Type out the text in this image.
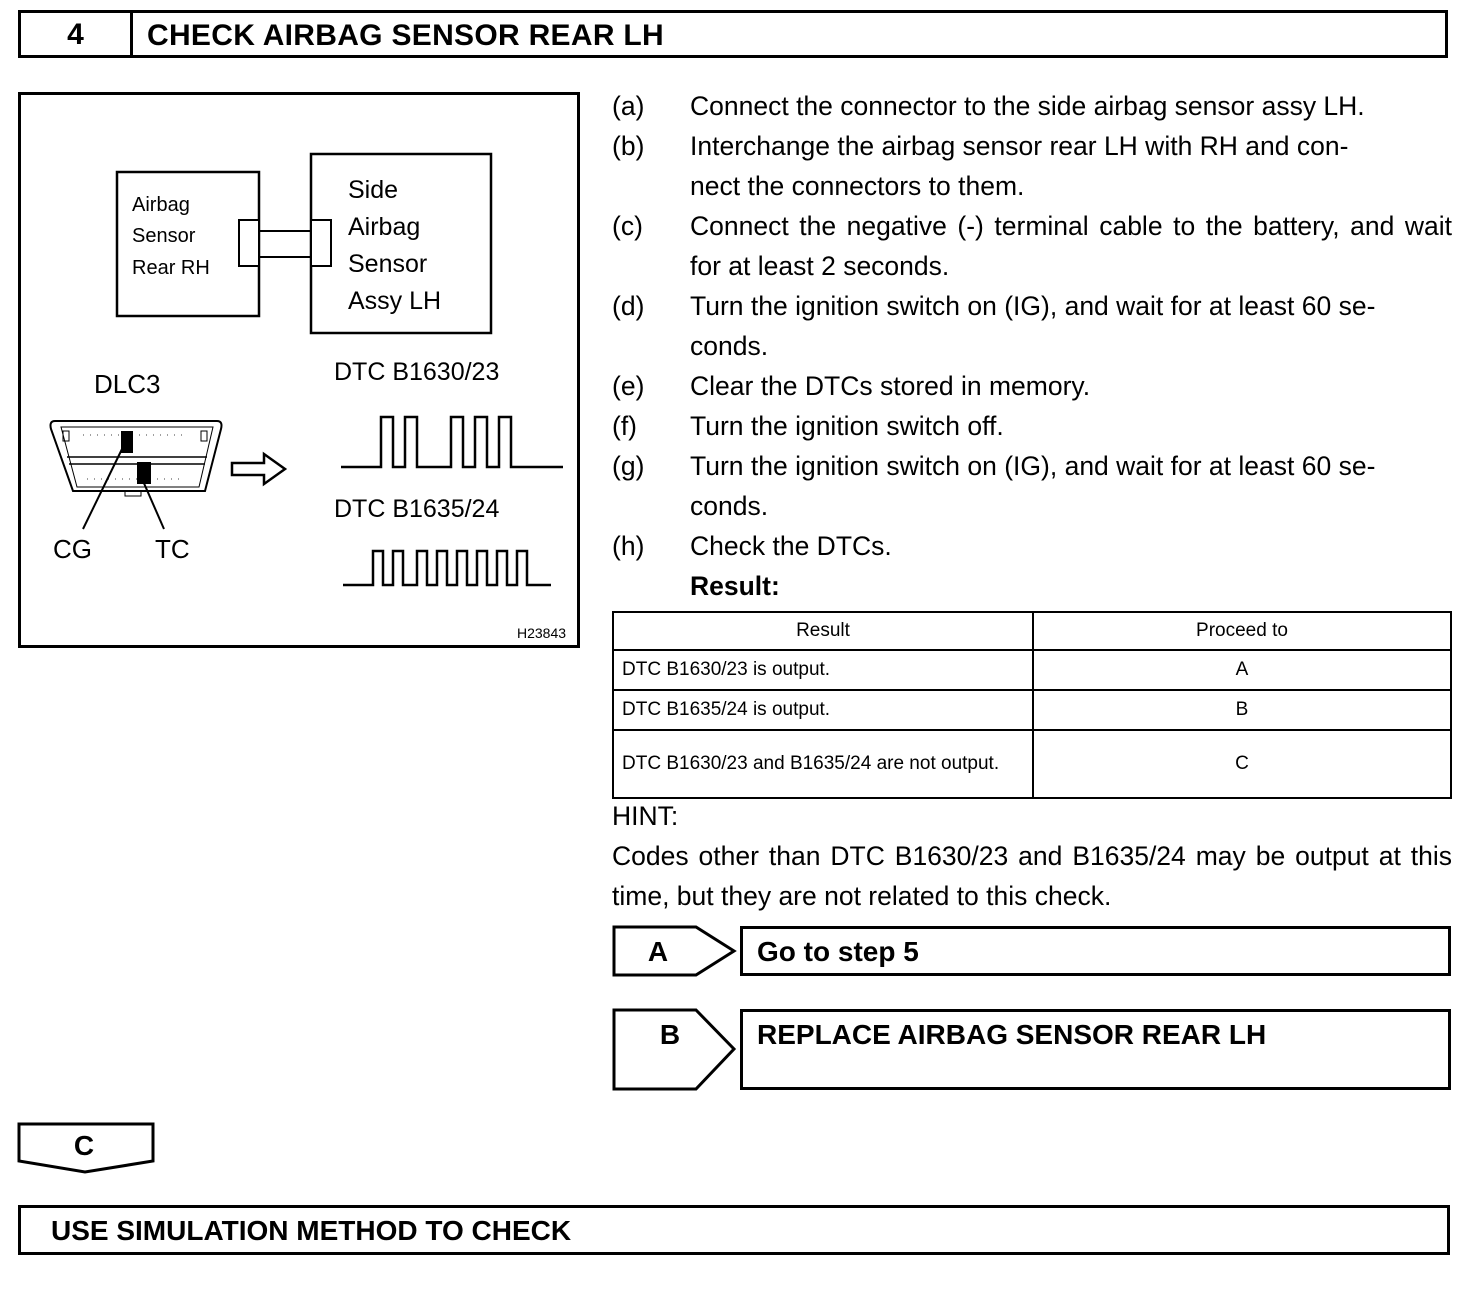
4	CHECK AIRBAG SENSOR REAR LH
Airbag
Sensor
Rear RH
Side
Airbag
Sensor
Assy LH
DLC3
CG TC
DTC B1630/23
DTC B1635/24
H23843
(a)	Connect the connector to the side airbag sensor assy LH.
(b)	Interchange the airbag sensor rear LH with RH and con-
nect the connectors to them.
(c)	Connect the negative (-) terminal cable to the battery, and wait for at least 2 seconds.
(d)	Turn the ignition switch on (IG), and wait for at least 60 se-
conds.
(e)	Clear the DTCs stored in memory.
(f)	Turn the ignition switch off.
(g)	Turn the ignition switch on (IG), and wait for at least 60 se-
conds.
(h)	Check the DTCs.
Result:
Result	Proceed to
DTC B1630/23 is output.	A
DTC B1635/24 is output.	B
DTC B1630/23 and B1635/24 are not output.	C
HINT:
Codes other than DTC B1630/23 and B1635/24 may be output at this time, but they are not related to this check.
A	Go to step 5
B	REPLACE AIRBAG SENSOR REAR LH
C
USE SIMULATION METHOD TO CHECK
